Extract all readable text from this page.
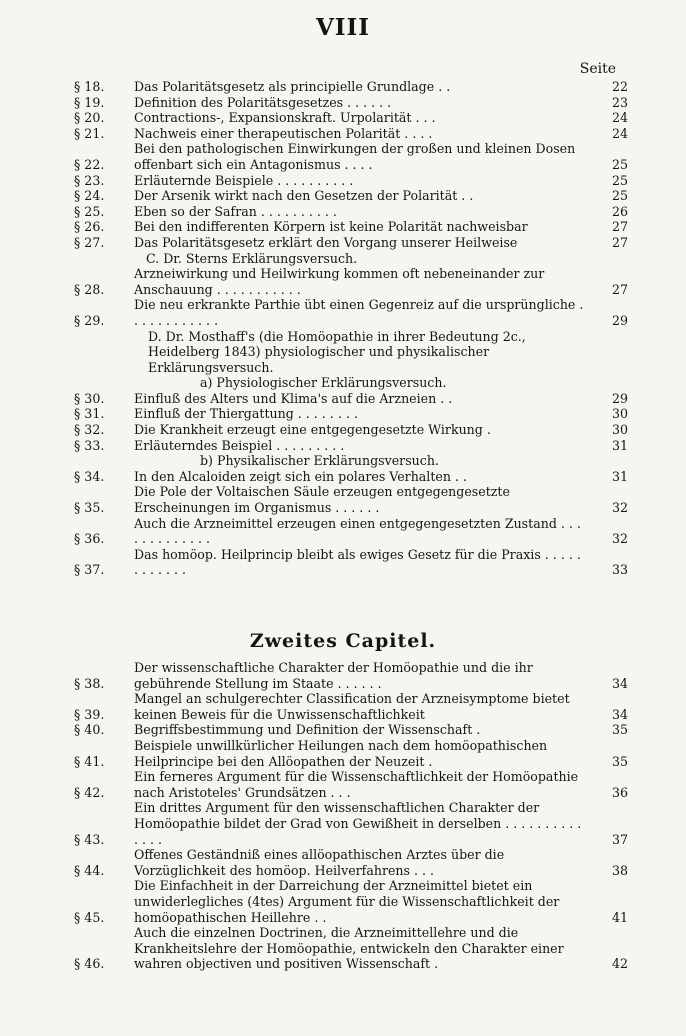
VIII
Seite
§ 18.	Das Polaritätsgesetz als principielle Grundlage . .	22
§ 19.	Definition des Polaritätsgesetzes . . . . . .	23
§ 20.	Contractions-, Expansionskraft. Urpolarität . . .	24
§ 21.	Nachweis einer therapeutischen Polarität . . . .	24
§ 22.
Bei den pathologischen Einwirkungen der großen und kleinen Dosen offenbart sich ein Antagonismus . . . .	25
§ 23.	Erläuternde Beispiele . . . . . . . . . .	25
§ 24.	Der Arsenik wirkt nach den Gesetzen der Polarität . .	25
§ 25.	Eben so der Safran . . . . . . . . . .	26
§ 26.	Bei den indifferenten Körpern ist keine Polarität nachweisbar	27
§ 27.	Das Polaritätsgesetz erklärt den Vorgang unserer Heilweise	27
C. Dr. Sterns Erklärungsversuch.
§ 28.
Arzneiwirkung und Heilwirkung kommen oft nebeneinander zur Anschauung . . . . . . . . . . .	27
§ 29.
Die neu erkrankte Parthie übt einen Gegenreiz auf die ursprüngliche . . . . . . . . . . . .	29
D. Dr. Mosthaff's (die Homöopathie in ihrer Bedeutung 2c., Heidelberg 1843) physiologischer und physikalischer Erklärungsversuch.
a) Physiologischer Erklärungsversuch.
§ 30.	Einfluß des Alters und Klima's auf die Arzneien . .	29
§ 31.	Einfluß der Thiergattung . . . . . . . .	30
§ 32.	Die Krankheit erzeugt eine entgegengesetzte Wirkung .	30
§ 33.	Erläuterndes Beispiel . . . . . . . . .	31
b) Physikalischer Erklärungsversuch.
§ 34.	In den Alcaloiden zeigt sich ein polares Verhalten . .	31
§ 35.
Die Pole der Voltaischen Säule erzeugen entgegengesetzte Erscheinungen im Organismus . . . . . .	32
§ 36.
Auch die Arzneimittel erzeugen einen entgegengesetzten Zustand . . . . . . . . . . . . .	32
§ 37.
Das homöop. Heilprincip bleibt als ewiges Gesetz für die Praxis . . . . . . . . . . . .	33
Zweites Capitel.
§ 38.
Der wissenschaftliche Charakter der Homöopathie und die ihr gebührende Stellung im Staate . . . . . .	34
§ 39.
Mangel an schulgerechter Classification der Arzneisymptome bietet keinen Beweis für die Unwissenschaftlichkeit	34
§ 40.	Begriffsbestimmung und Definition der Wissenschaft .	35
§ 41.
Beispiele unwillkürlicher Heilungen nach dem homöopathischen Heilprincipe bei den Allöopathen der Neuzeit .	35
§ 42.
Ein ferneres Argument für die Wissenschaftlichkeit der Homöopathie nach Aristoteles' Grundsätzen . . .	36
§ 43.
Ein drittes Argument für den wissenschaftlichen Charakter der Homöopathie bildet der Grad von Gewißheit in derselben . . . . . . . . . . . . . .	37
§ 44.
Offenes Geständniß eines allöopathischen Arztes über die Vorzüglichkeit des homöop. Heilverfahrens . . .	38
§ 45.
Die Einfachheit in der Darreichung der Arzneimittel bietet ein unwiderlegliches (4tes) Argument für die Wissenschaftlichkeit der homöopathischen Heillehre . .	41
§ 46.
Auch die einzelnen Doctrinen, die Arzneimittellehre und die Krankheitslehre der Homöopathie, entwickeln den Charakter einer wahren objectiven und positiven Wissenschaft .	42
